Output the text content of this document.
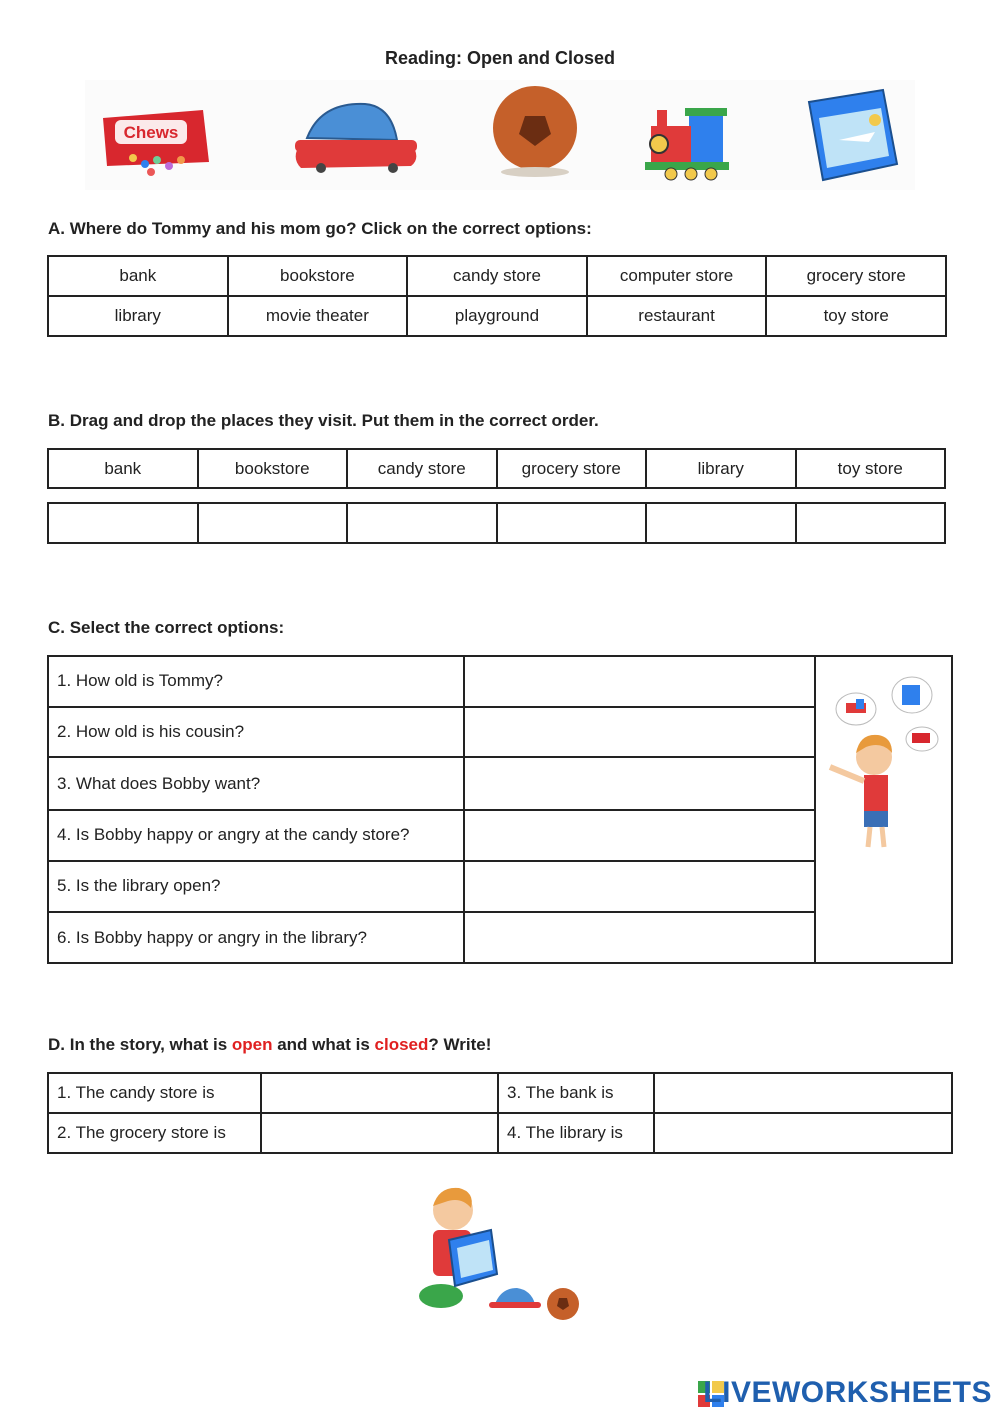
Reading: Open and Closed
Chews
A. Where do Tommy and his mom go? Click on the correct options:
bank	bookstore	candy store	computer store	grocery store
library	movie theater	playground	restaurant	toy store
B. Drag and drop the places they visit. Put them in the correct order.
bank	bookstore	candy store	grocery store	library	toy store

C. Select the correct options:
1. How old is Tommy?		
2. How old is his cousin?		
3. What does Bobby want?		
4. Is Bobby happy or angry at the candy store?		
5. Is the library open?		
6. Is Bobby happy or angry in the library?		
D. In the story, what is open and what is closed? Write!
1. The candy store is		3. The bank is	
2. The grocery store is		4. The library is	
LIVEWORKSHEETS
